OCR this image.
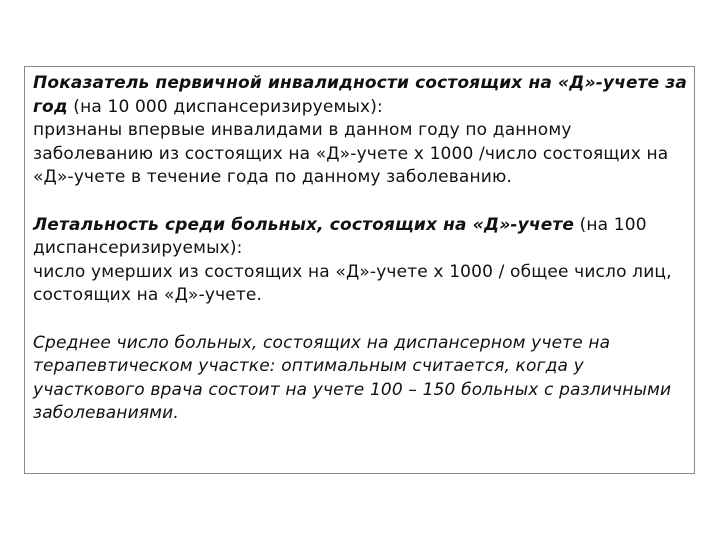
Показатель первичной инвалидности состоящих на «Д»-учете за год (на 10 000 диспансеризируемых):
признаны впервые инвалидами в данном году по данному заболеванию из состоящих на «Д»-учете х 1000 /число состоящих на «Д»-учете в течение года по данному заболеванию.

Летальность среди больных, состоящих на «Д»-учете (на 100 диспансеризируемых):
число умерших из состоящих на «Д»-учете х 1000 / общее число лиц, состоящих на «Д»-учете.

Среднее число больных, состоящих на диспансерном учете на терапевтическом участке: оптимальным считается, когда у участкового врача состоит на учете 100 – 150 больных с различными заболеваниями.
